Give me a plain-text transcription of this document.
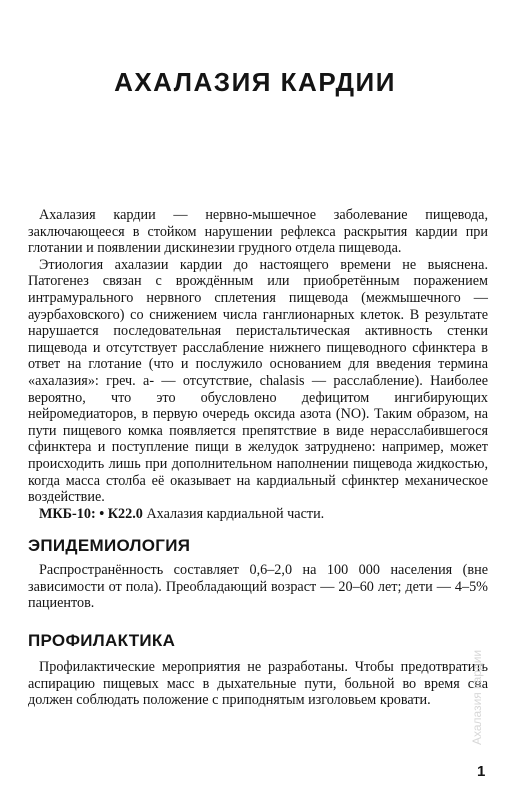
АХАЛАЗИЯ КАРДИИ

Ахалазия кардии — нервно-мышечное заболевание пищевода, заключающееся в стойком нарушении рефлекса раскрытия кардии при глотании и появлении дискинезии грудного отдела пищевода.

Этиология ахалазии кардии до настоящего времени не выяснена. Патогенез связан с врождённым или приобретённым поражением интрамурального нервного сплетения пищевода (межмышечного — ауэрбаховского) со снижением числа ганглионарных клеток. В результате нарушается последовательная перистальтическая активность стенки пищевода и отсутствует расслабление нижнего пищеводного сфинктера в ответ на глотание (что и послужило основанием для введения термина «ахалазия»: греч. а- — отсутствие, chalasis — расслабление). Наиболее вероятно, что это обусловлено дефицитом ингибирующих нейромедиаторов, в первую очередь оксида азота (NO). Таким образом, на пути пищевого комка появляется препятствие в виде нерасслабившегося сфинктера и поступление пищи в желудок затруднено: например, может происходить лишь при дополнительном наполнении пищевода жидкостью, когда масса столба её оказывает на кардиальный сфинктер механическое воздействие.

МКБ-10: • К22.0 Ахалазия кардиальной части.

ЭПИДЕМИОЛОГИЯ

Распространённость составляет 0,6–2,0 на 100 000 населения (вне зависимости от пола). Преобладающий возраст — 20–60 лет; дети — 4–5% пациентов.

ПРОФИЛАКТИКА

Профилактические мероприятия не разработаны. Чтобы предотвратить аспирацию пищевых масс в дыхательные пути, больной во время сна должен соблюдать положение с приподнятым изголовьем кровати.	Ахалазия кардии
1
